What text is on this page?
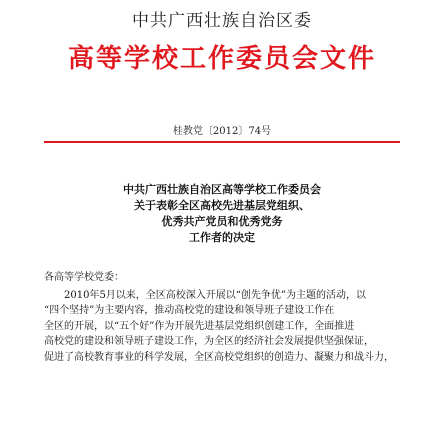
中共广西壮族自治区委
高等学校工作委员会文件
桂教党〔2012〕74号
中共广西壮族自治区高等学校工作委员会
关于表彰全区高校先进基层党组织、
优秀共产党员和优秀党务
工作者的决定
各高等学校党委：
2010年5月以来，全区高校深入开展以“创先争优”为主题的活动，以
“四个坚持”为主要内容，推动高校党的建设和领导班子建设工作在
全区的开展，以“五个好”作为开展先进基层党组织创建工作，全面推进
高校党的建设和领导班子建设工作，为全区的经济社会发展提供坚强保证，
促进了高校教育事业的科学发展，全区高校党组织的创造力、凝聚力和战斗力，
